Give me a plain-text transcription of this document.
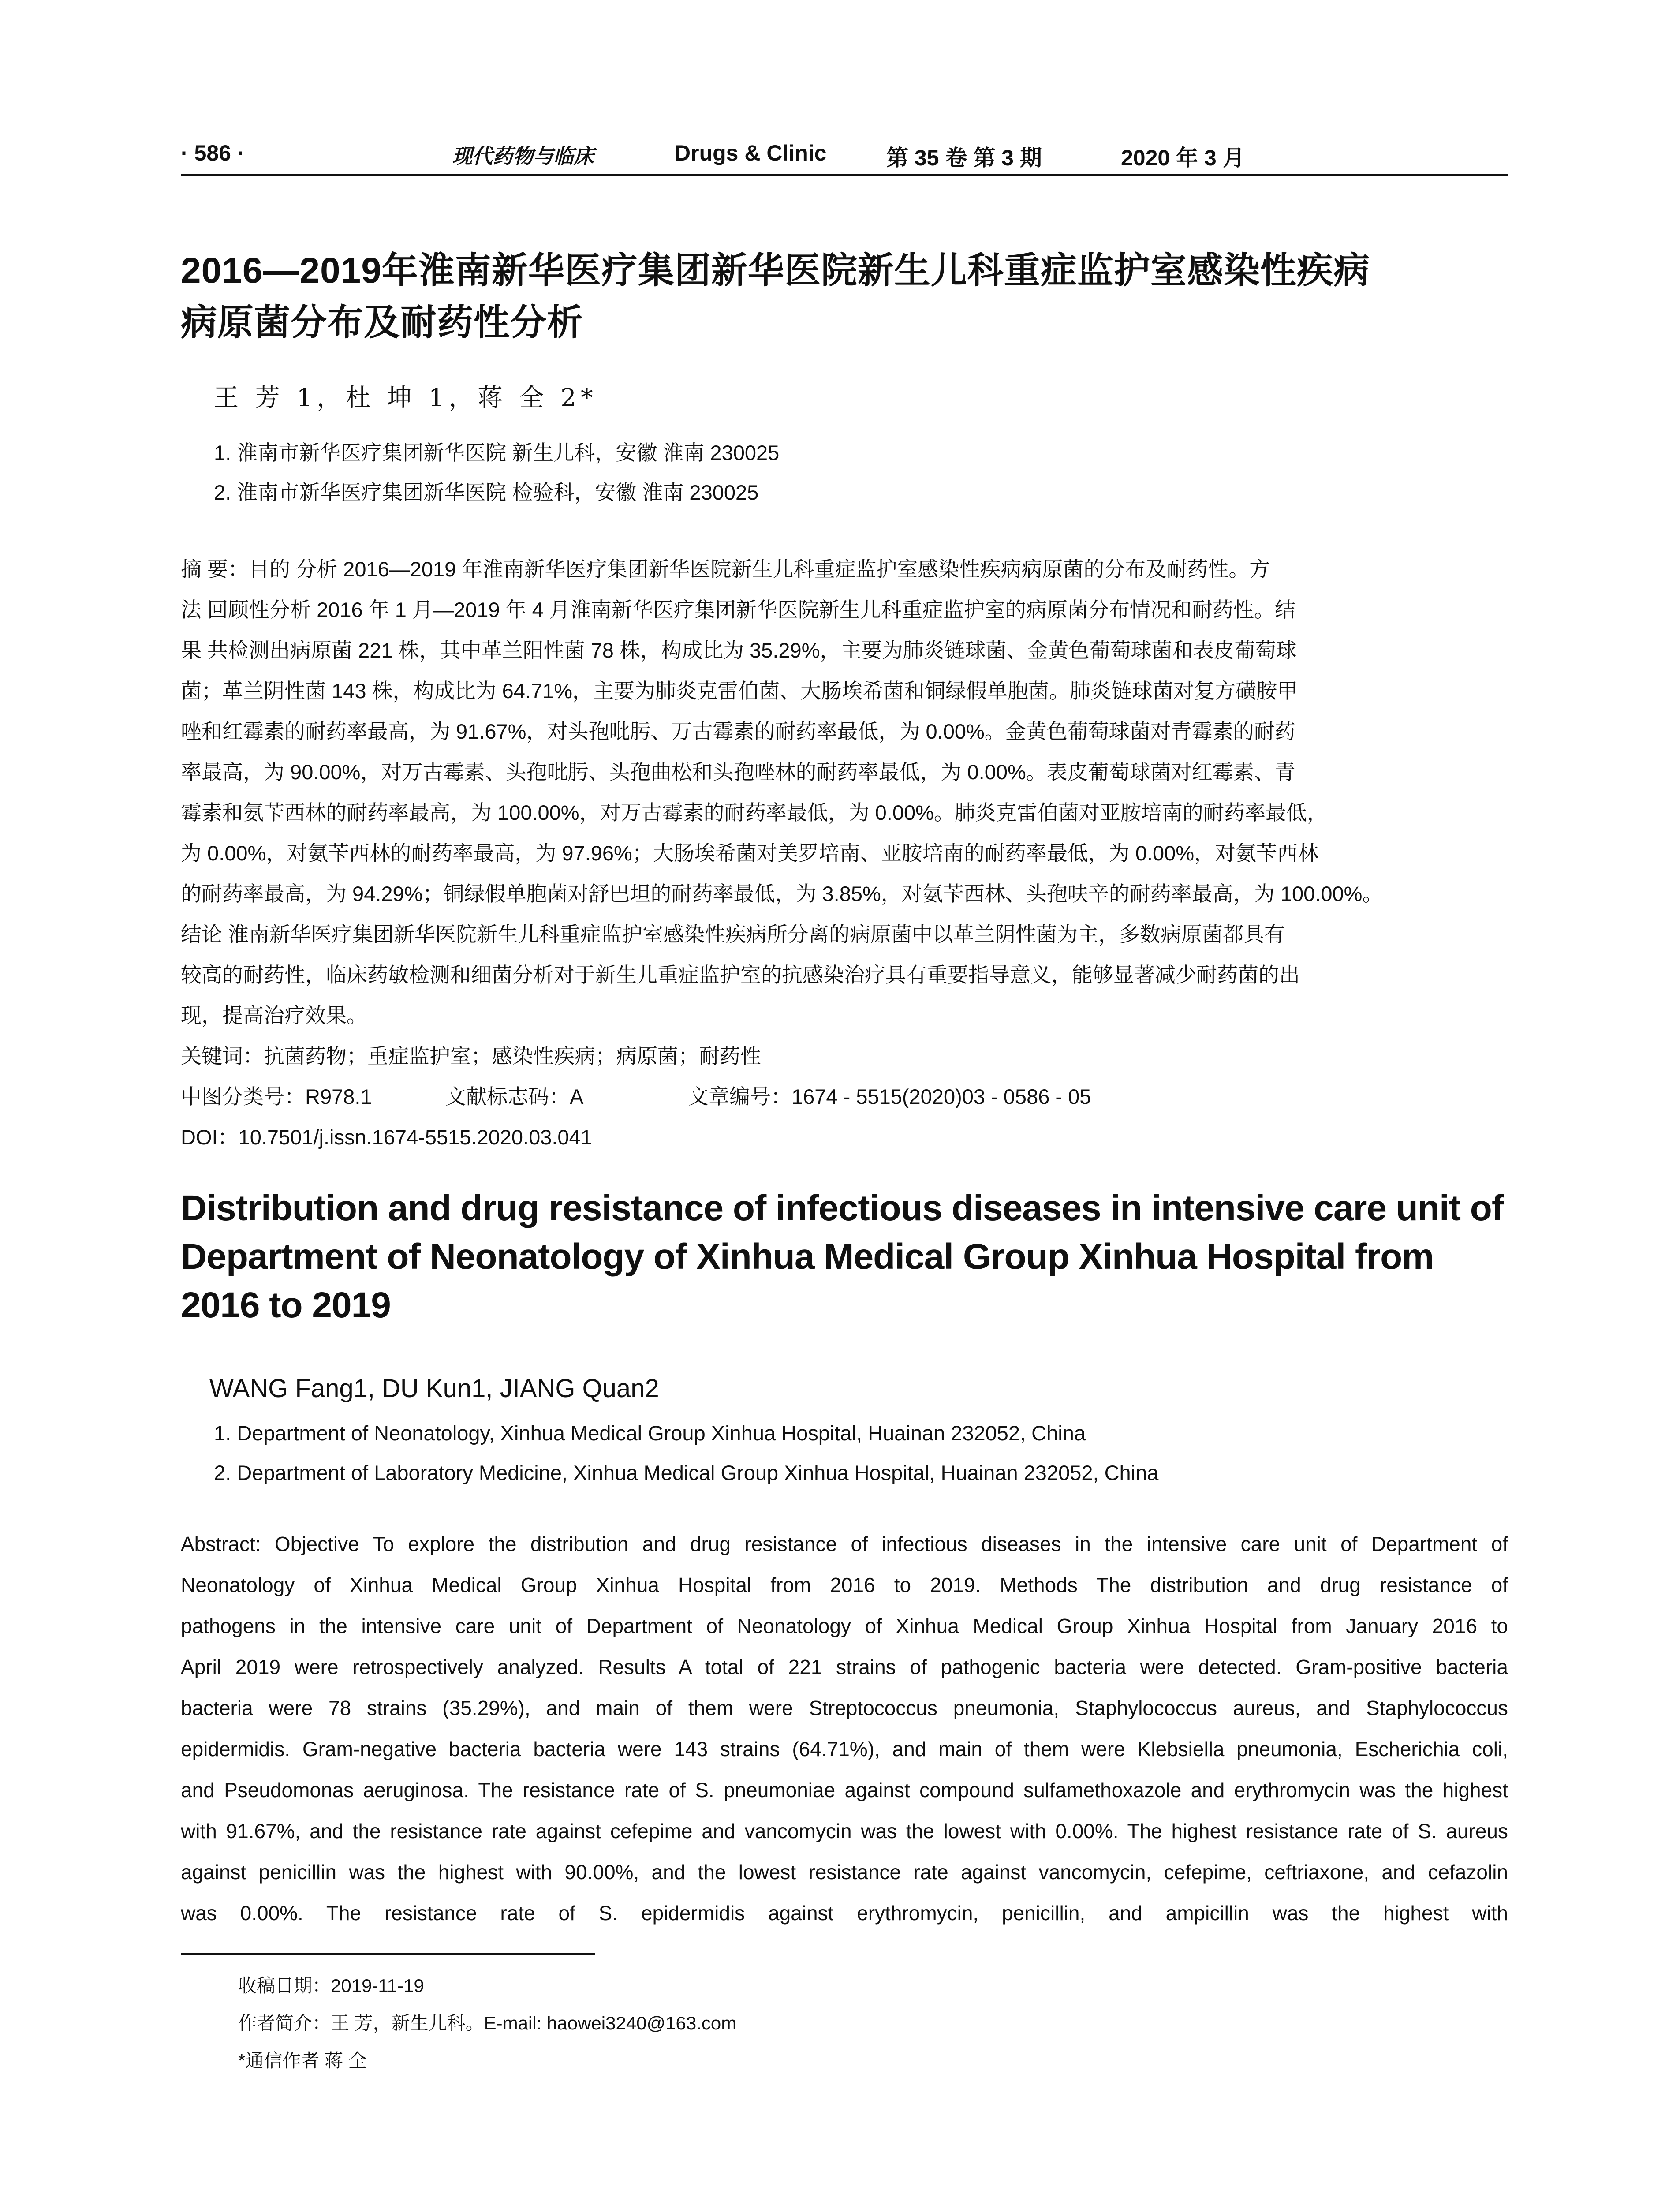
· 586 ·	现代药物与临床	Drugs & Clinic	第 35 卷 第 3 期	2020 年 3 月
2016—2019年淮南新华医疗集团新华医院新生儿科重症监护室感染性疾病
病原菌分布及耐药性分析
王 芳 1，杜 坤 1，蒋 全 2*
1. 淮南市新华医疗集团新华医院 新生儿科，安徽 淮南 230025
2. 淮南市新华医疗集团新华医院 检验科，安徽 淮南 230025
摘 要：目的 分析 2016—2019 年淮南新华医疗集团新华医院新生儿科重症监护室感染性疾病病原菌的分布及耐药性。方
法 回顾性分析 2016 年 1 月—2019 年 4 月淮南新华医疗集团新华医院新生儿科重症监护室的病原菌分布情况和耐药性。结
果 共检测出病原菌 221 株，其中革兰阳性菌 78 株，构成比为 35.29%，主要为肺炎链球菌、金黄色葡萄球菌和表皮葡萄球
菌；革兰阴性菌 143 株，构成比为 64.71%，主要为肺炎克雷伯菌、大肠埃希菌和铜绿假单胞菌。肺炎链球菌对复方磺胺甲
唑和红霉素的耐药率最高，为 91.67%，对头孢吡肟、万古霉素的耐药率最低，为 0.00%。金黄色葡萄球菌对青霉素的耐药
率最高，为 90.00%，对万古霉素、头孢吡肟、头孢曲松和头孢唑林的耐药率最低，为 0.00%。表皮葡萄球菌对红霉素、青
霉素和氨苄西林的耐药率最高，为 100.00%，对万古霉素的耐药率最低，为 0.00%。肺炎克雷伯菌对亚胺培南的耐药率最低，
为 0.00%，对氨苄西林的耐药率最高，为 97.96%；大肠埃希菌对美罗培南、亚胺培南的耐药率最低，为 0.00%，对氨苄西林
的耐药率最高，为 94.29%；铜绿假单胞菌对舒巴坦的耐药率最低，为 3.85%，对氨苄西林、头孢呋辛的耐药率最高，为 100.00%。
结论 淮南新华医疗集团新华医院新生儿科重症监护室感染性疾病所分离的病原菌中以革兰阴性菌为主，多数病原菌都具有
较高的耐药性，临床药敏检测和细菌分析对于新生儿重症监护室的抗感染治疗具有重要指导意义，能够显著减少耐药菌的出
现，提高治疗效果。
关键词：抗菌药物；重症监护室；感染性疾病；病原菌；耐药性
中图分类号：R978.1	文献标志码：A	文章编号：1674 - 5515(2020)03 - 0586 - 05
DOI：10.7501/j.issn.1674-5515.2020.03.041
Distribution and drug resistance of infectious diseases in intensive care unit of
Department of Neonatology of Xinhua Medical Group Xinhua Hospital from
2016 to 2019
WANG Fang1, DU Kun1, JIANG Quan2
1. Department of Neonatology, Xinhua Medical Group Xinhua Hospital, Huainan 232052, China
2. Department of Laboratory Medicine, Xinhua Medical Group Xinhua Hospital, Huainan 232052, China
Abstract: Objective To explore the distribution and drug resistance of infectious diseases in the intensive care unit of Department of
Neonatology of Xinhua Medical Group Xinhua Hospital from 2016 to 2019. Methods The distribution and drug resistance of
pathogens in the intensive care unit of Department of Neonatology of Xinhua Medical Group Xinhua Hospital from January 2016 to
April 2019 were retrospectively analyzed. Results A total of 221 strains of pathogenic bacteria were detected. Gram-positive bacteria
bacteria were 78 strains (35.29%), and main of them were Streptococcus pneumonia, Staphylococcus aureus, and Staphylococcus
epidermidis. Gram-negative bacteria bacteria were 143 strains (64.71%), and main of them were Klebsiella pneumonia, Escherichia coli,
and Pseudomonas aeruginosa. The resistance rate of S. pneumoniae against compound sulfamethoxazole and erythromycin was the highest
with 91.67%, and the resistance rate against cefepime and vancomycin was the lowest with 0.00%. The highest resistance rate of S. aureus
against penicillin was the highest with 90.00%, and the lowest resistance rate against vancomycin, cefepime, ceftriaxone, and cefazolin
was 0.00%. The resistance rate of S. epidermidis against erythromycin, penicillin, and ampicillin was the highest with
收稿日期：2019-11-19
作者简介：王 芳，新生儿科。E-mail: haowei3240@163.com
*通信作者 蒋 全
